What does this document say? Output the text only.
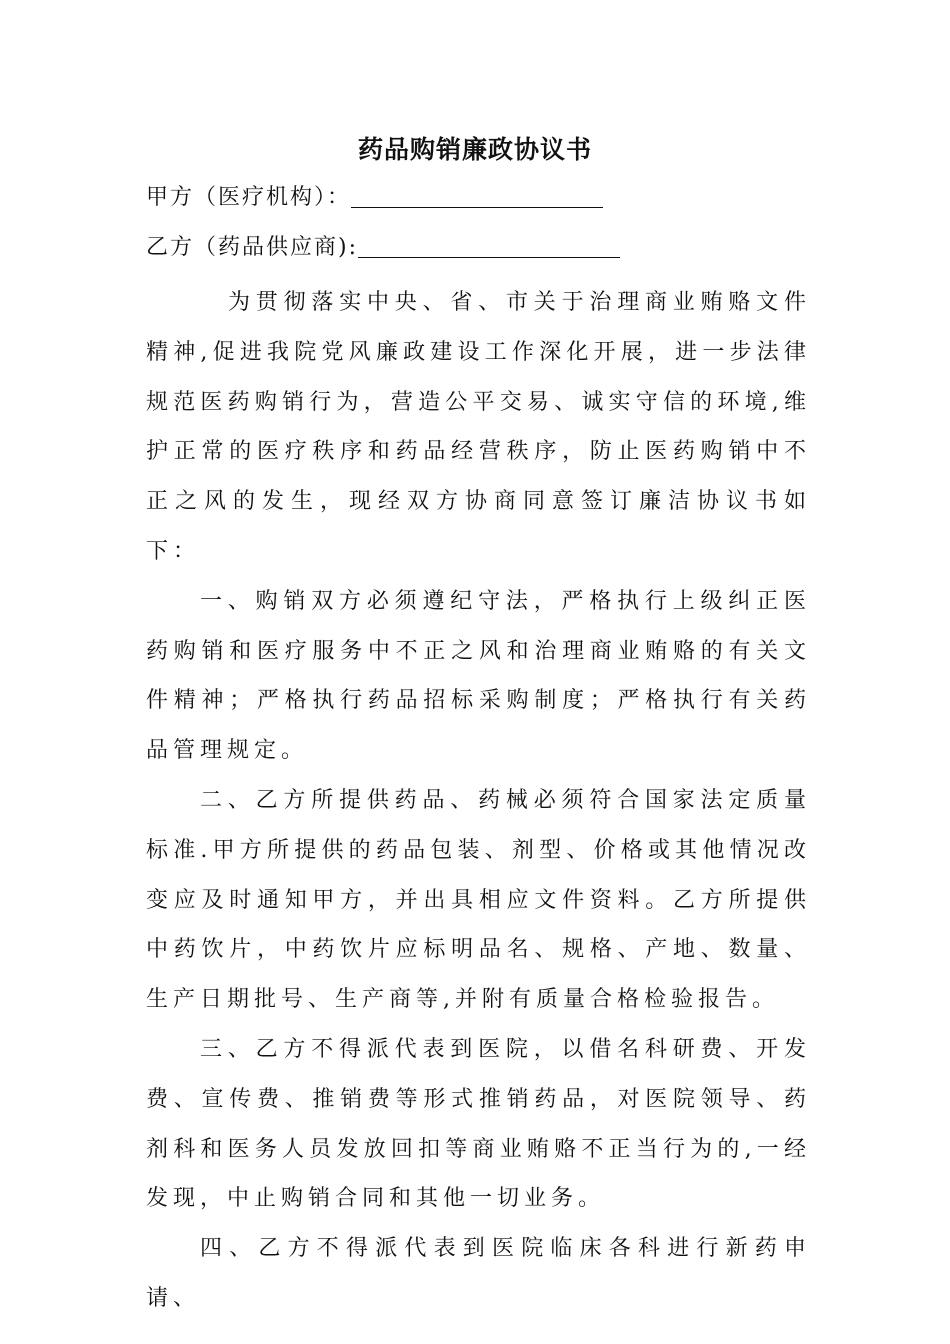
药品购销廉政协议书
甲方（医疗机构）：
乙方（药品供应商):

为贯彻落实中央、省、市关于治理商业贿赂文件精神,促进我院党风廉政建设工作深化开展，进一步法律规范医药购销行为，营造公平交易、诚实守信的环境,维护正常的医疗秩序和药品经营秩序，防止医药购销中不正之风的发生，现经双方协商同意签订廉洁协议书如下：

一、购销双方必须遵纪守法，严格执行上级纠正医药购销和医疗服务中不正之风和治理商业贿赂的有关文件精神；严格执行药品招标采购制度；严格执行有关药品管理规定。

二、乙方所提供药品、药械必须符合国家法定质量标准.甲方所提供的药品包装、剂型、价格或其他情况改变应及时通知甲方，并出具相应文件资料。乙方所提供中药饮片，中药饮片应标明品名、规格、产地、数量、生产日期批号、生产商等,并附有质量合格检验报告。

三、乙方不得派代表到医院，以借名科研费、开发费、宣传费、推销费等形式推销药品，对医院领导、药剂科和医务人员发放回扣等商业贿赂不正当行为的,一经发现，中止购销合同和其他一切业务。

四、乙方不得派代表到医院临床各科进行新药申请、
